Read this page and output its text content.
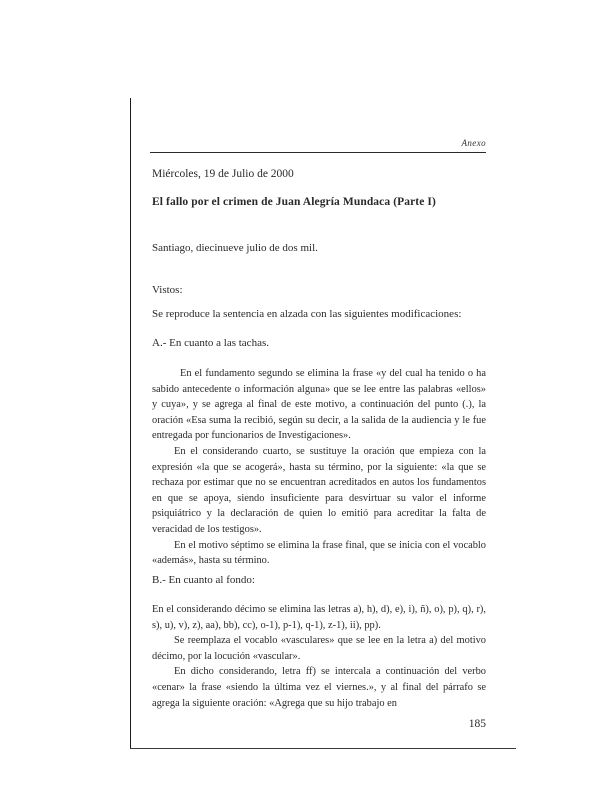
Anexo
Miércoles, 19 de Julio de 2000
El fallo por el crimen de Juan Alegría Mundaca (Parte I)

Santiago, diecinueve julio de dos mil.

Vistos:

Se reproduce la sentencia en alzada con las siguientes modificaciones:

A.- En cuanto a las tachas.

En el fundamento segundo se elimina la frase «y del cual ha tenido o ha sabido antecedente o información alguna» que se lee entre las palabras «ellos» y cuya», y se agrega al final de este motivo, a continuación del punto (.), la oración «Esa suma la recibió, según su decir, a la salida de la audiencia y le fue entregada por funcionarios de Investigaciones».

En el considerando cuarto, se sustituye la oración que empieza con la expresión «la que se acogerá», hasta su término, por la siguiente: «la que se rechaza por estimar que no se encuentran acreditados en autos los fundamentos en que se apoya, siendo insuficiente para desvirtuar su valor el informe psiquiátrico y la declaración de quien lo emitió para acreditar la falta de veracidad de los testigos».

En el motivo séptimo se elimina la frase final, que se inicia con el vocablo «además», hasta su término.

B.- En cuanto al fondo:

En el considerando décimo se elimina las letras a), h), d), e), i), ñ), o), p), q), r), s), u), v), z), aa), bb), cc), o-1), p-1), q-1), z-1), ii), pp).

Se reemplaza el vocablo «vasculares» que se lee en la letra a) del motivo décimo, por la locución «vascular».

En dicho considerando, letra ff) se intercala a continuación del verbo «cenar» la frase «siendo la última vez el viernes.», y al final del párrafo se agrega la siguiente oración: «Agrega que su hijo trabajo en

185
